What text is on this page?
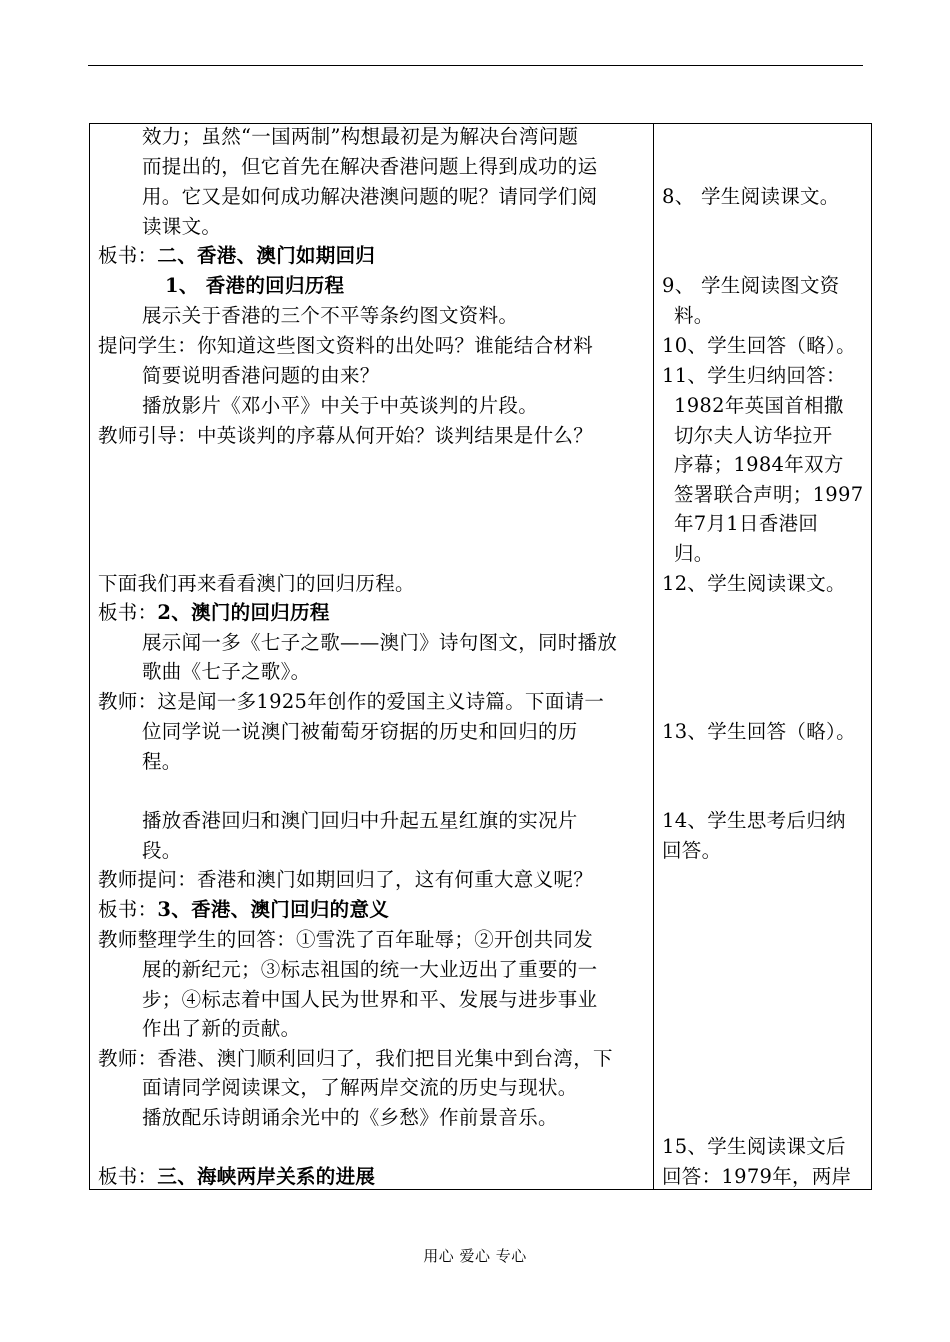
效力；虽然“一国两制”构想最初是为解决台湾问题
而提出的，但它首先在解决香港问题上得到成功的运
用。它又是如何成功解决港澳问题的呢？请同学们阅
读课文。
板书：二、香港、澳门如期回归
1、 香港的回归历程
展示关于香港的三个不平等条约图文资料。
提问学生：你知道这些图文资料的出处吗？谁能结合材料
简要说明香港问题的由来？
播放影片《邓小平》中关于中英谈判的片段。
教师引导：中英谈判的序幕从何开始？谈判结果是什么？
下面我们再来看看澳门的回归历程。
板书：2、澳门的回归历程
展示闻一多《七子之歌——澳门》诗句图文，同时播放
歌曲《七子之歌》。
教师：这是闻一多1925年创作的爱国主义诗篇。下面请一
位同学说一说澳门被葡萄牙窃据的历史和回归的历
程。
播放香港回归和澳门回归中升起五星红旗的实况片
段。
教师提问：香港和澳门如期回归了，这有何重大意义呢？
板书：3、香港、澳门回归的意义
教师整理学生的回答：①雪洗了百年耻辱；②开创共同发
展的新纪元；③标志祖国的统一大业迈出了重要的一
步；④标志着中国人民为世界和平、发展与进步事业
作出了新的贡献。
教师：香港、澳门顺利回归了，我们把目光集中到台湾，下
面请同学阅读课文，了解两岸交流的历史与现状。
播放配乐诗朗诵余光中的《乡愁》作前景音乐。
板书：三、海峡两岸关系的进展
8、 学生阅读课文。
9、 学生阅读图文资
料。
10、学生回答（略）。
11、学生归纳回答：
1982年英国首相撒
切尔夫人访华拉开
序幕；1984年双方
签署联合声明；1997
年7月1日香港回
归。
12、学生阅读课文。
13、学生回答（略）。
14、学生思考后归纳
回答。
15、学生阅读课文后
回答：1979年，两岸
用心 爱心 专心
